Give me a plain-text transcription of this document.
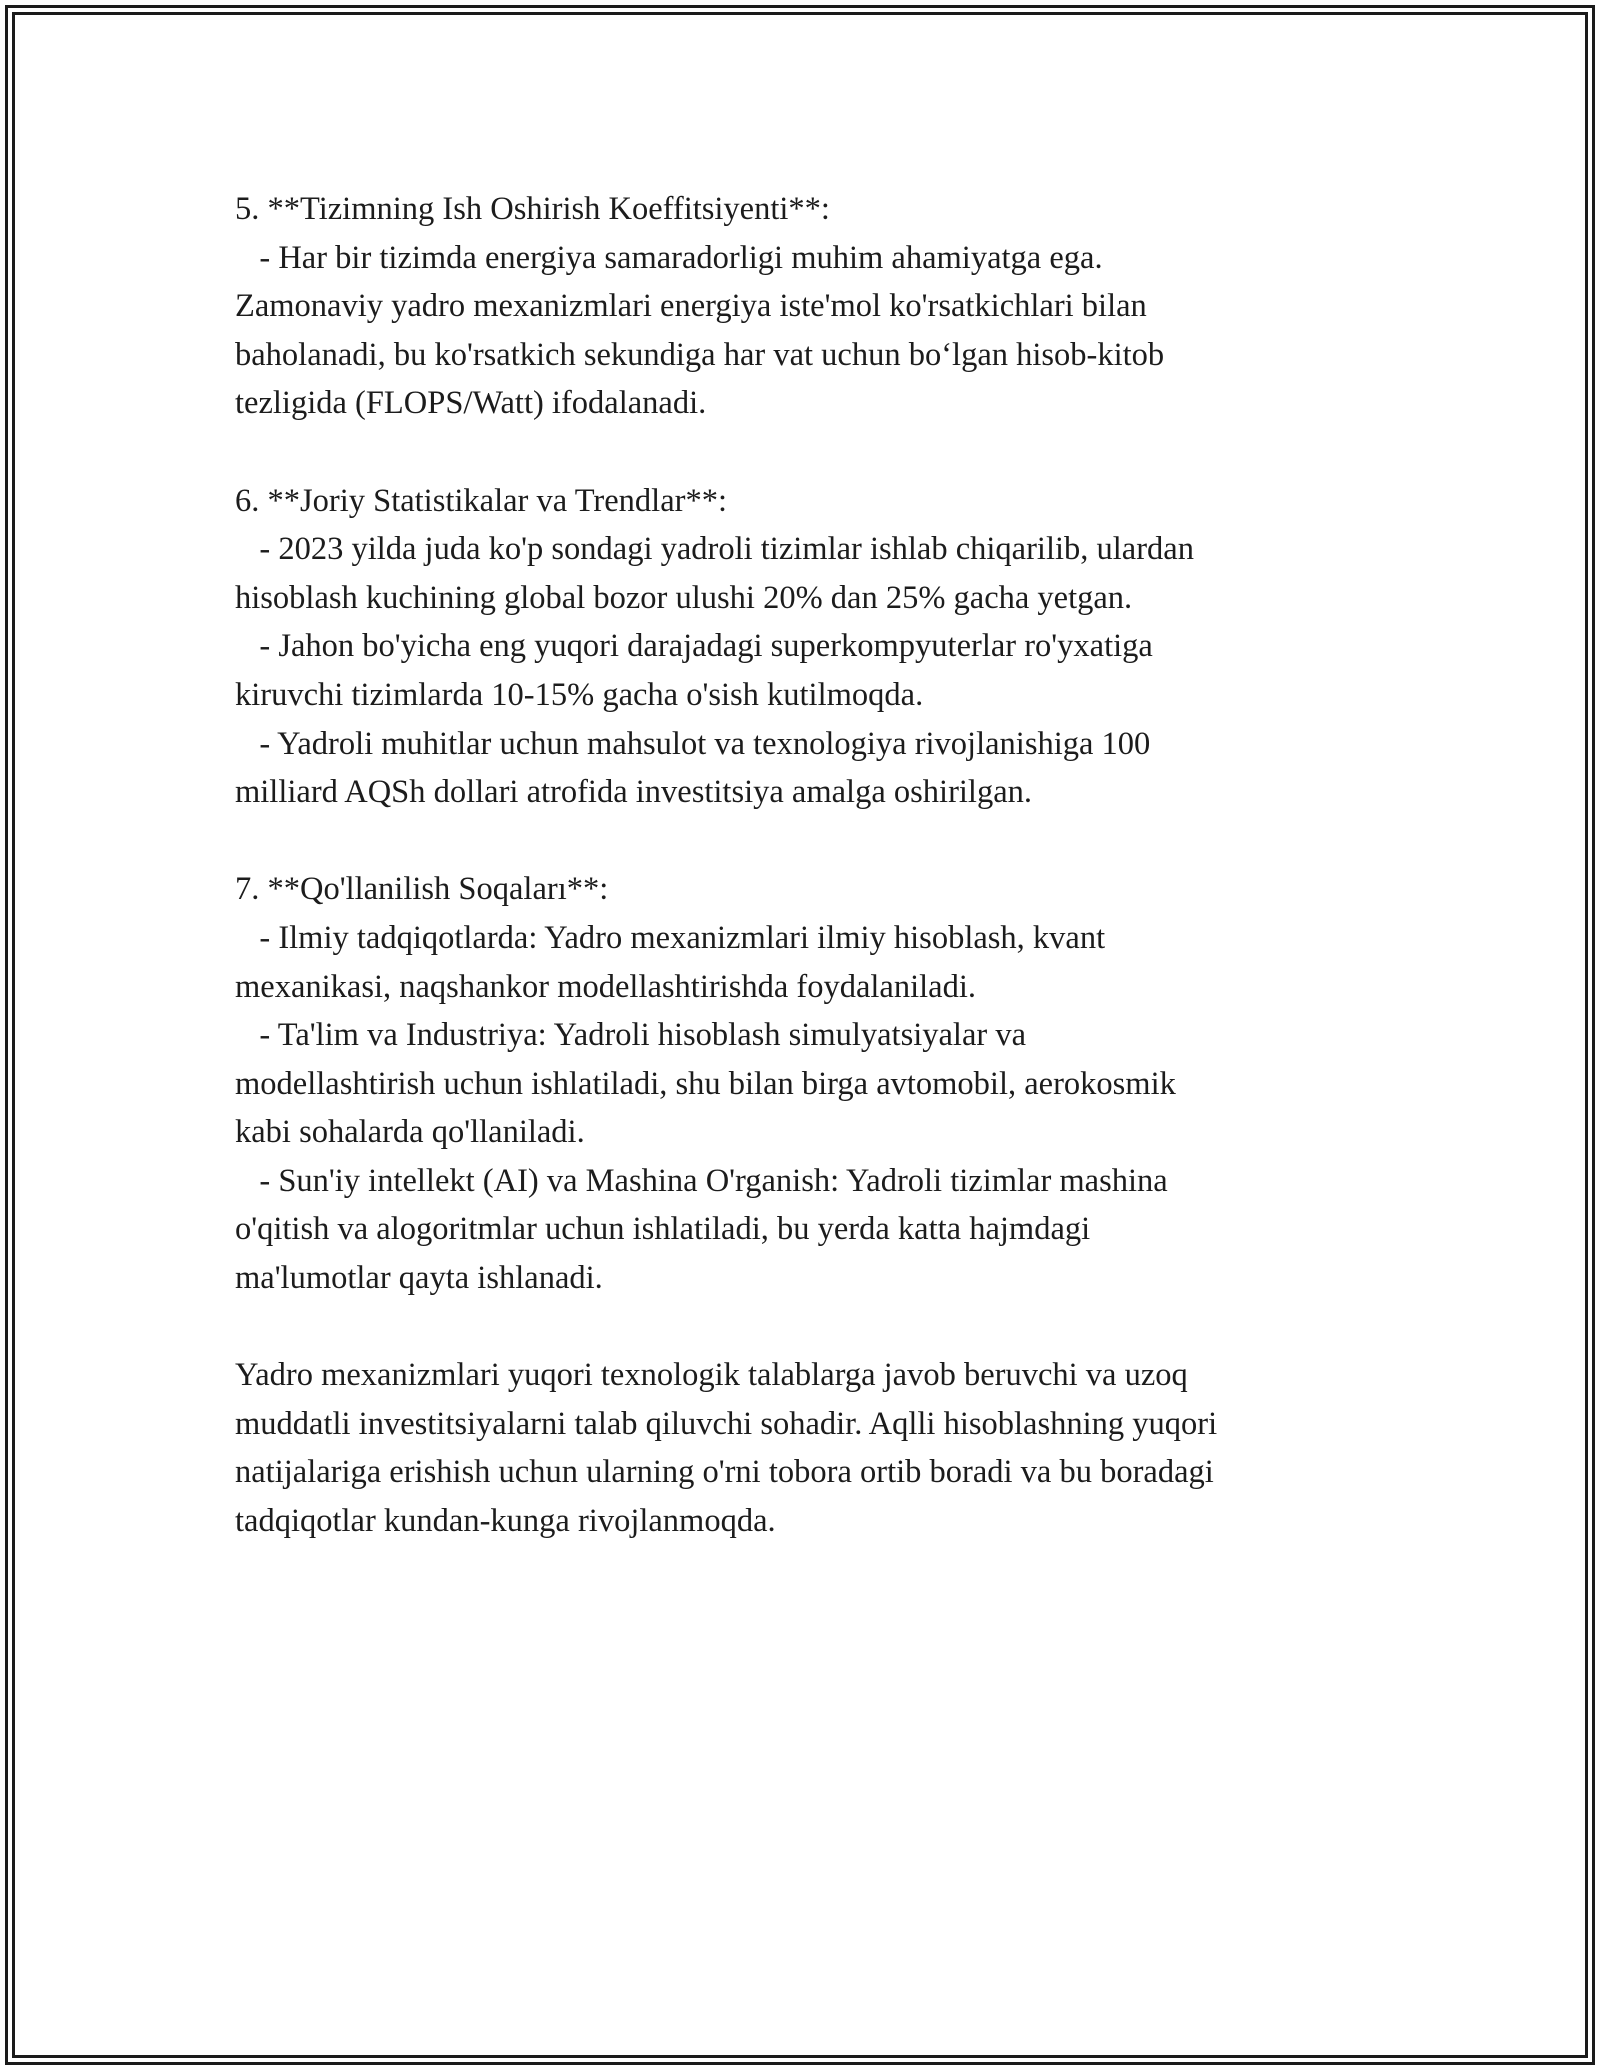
5. **Tizimning Ish Oshirish Koeffitsiyenti**:
- Har bir tizimda energiya samaradorligi muhim ahamiyatga ega.
Zamonaviy yadro mexanizmlari energiya iste'mol ko'rsatkichlari bilan
baholanadi, bu ko'rsatkich sekundiga har vat uchun bo‘lgan hisob-kitob
tezligida (FLOPS/Watt) ifodalanadi.
6. **Joriy Statistikalar va Trendlar**:
- 2023 yilda juda ko'p sondagi yadroli tizimlar ishlab chiqarilib, ulardan
hisoblash kuchining global bozor ulushi 20% dan 25% gacha yetgan.
- Jahon bo'yicha eng yuqori darajadagi superkompyuterlar ro'yxatiga
kiruvchi tizimlarda 10-15% gacha o'sish kutilmoqda.
- Yadroli muhitlar uchun mahsulot va texnologiya rivojlanishiga 100
milliard AQSh dollari atrofida investitsiya amalga oshirilgan.
7. **Qo'llanilish Soqaları**:
- Ilmiy tadqiqotlarda: Yadro mexanizmlari ilmiy hisoblash, kvant
mexanikasi, naqshankor modellashtirishda foydalaniladi.
- Ta'lim va Industriya: Yadroli hisoblash simulyatsiyalar va
modellashtirish uchun ishlatiladi, shu bilan birga avtomobil, aerokosmik
kabi sohalarda qo'llaniladi.
- Sun'iy intellekt (AI) va Mashina O'rganish: Yadroli tizimlar mashina
o'qitish va alogoritmlar uchun ishlatiladi, bu yerda katta hajmdagi
ma'lumotlar qayta ishlanadi.
Yadro mexanizmlari yuqori texnologik talablarga javob beruvchi va uzoq
muddatli investitsiyalarni talab qiluvchi sohadir. Aqlli hisoblashning yuqori
natijalariga erishish uchun ularning o'rni tobora ortib boradi va bu boradagi
tadqiqotlar kundan-kunga rivojlanmoqda.
